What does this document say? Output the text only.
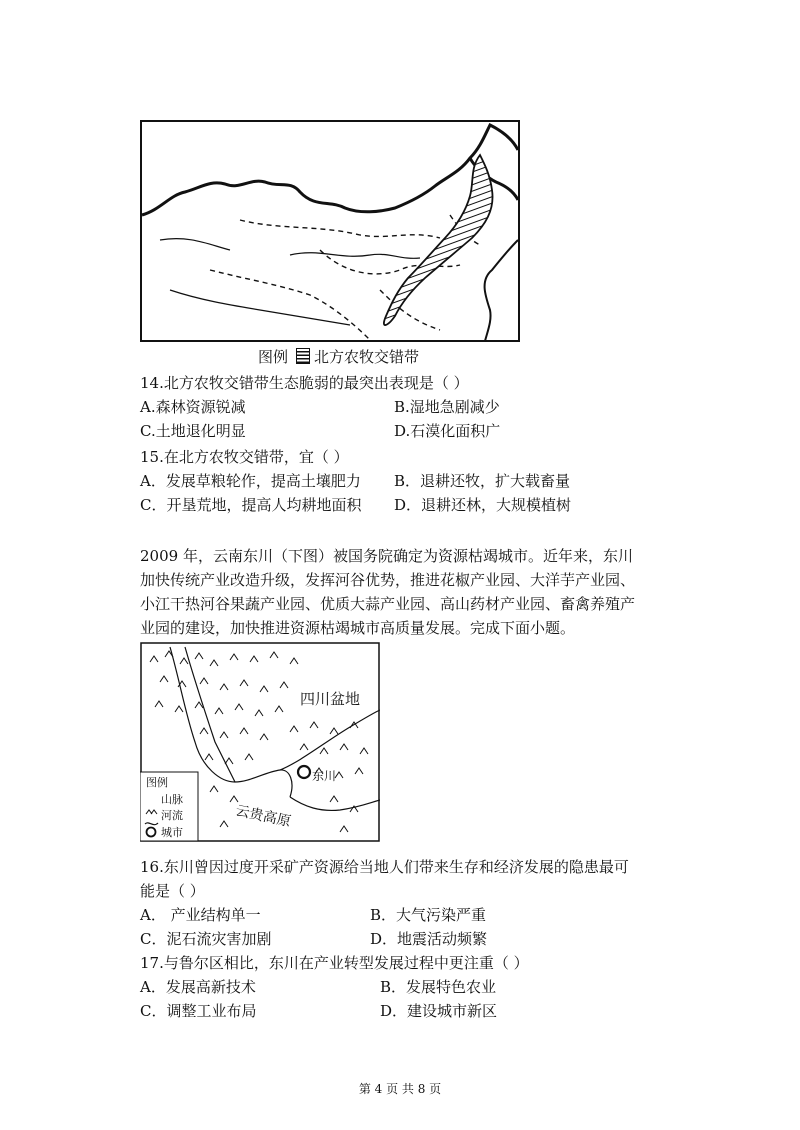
图例 北方农牧交错带
14.北方农牧交错带生态脆弱的最突出表现是（ ）
A.森林资源锐减	B.湿地急剧减少
C.土地退化明显	D.石漠化面积广
15.在北方农牧交错带，宜（ ）
A．发展草粮轮作，提高土壤肥力 B．退耕还牧，扩大载畜量
C．开垦荒地，提高人均耕地面积 D．退耕还林，大规模植树
2009 年，云南东川（下图）被国务院确定为资源枯竭城市。近年来，东川
加快传统产业改造升级，发挥河谷优势，推进花椒产业园、大洋芋产业园、
小江干热河谷果蔬产业园、优质大蒜产业园、高山药材产业园、畜禽养殖产
业园的建设，加快推进资源枯竭城市高质量发展。完成下面小题。
四川盆地
云贵高原
东川
图例
山脉
河流
城市
16.东川曾因过度开采矿产资源给当地人们带来生存和经济发展的隐患最可
能是（ ）
A． 产业结构单一	B．大气污染严重
C．泥石流灾害加剧	D．地震活动频繁
17.与鲁尔区相比，东川在产业转型发展过程中更注重（ ）
A．发展高新技术	B．发展特色农业
C．调整工业布局	D．建设城市新区
第 4 页 共 8 页
